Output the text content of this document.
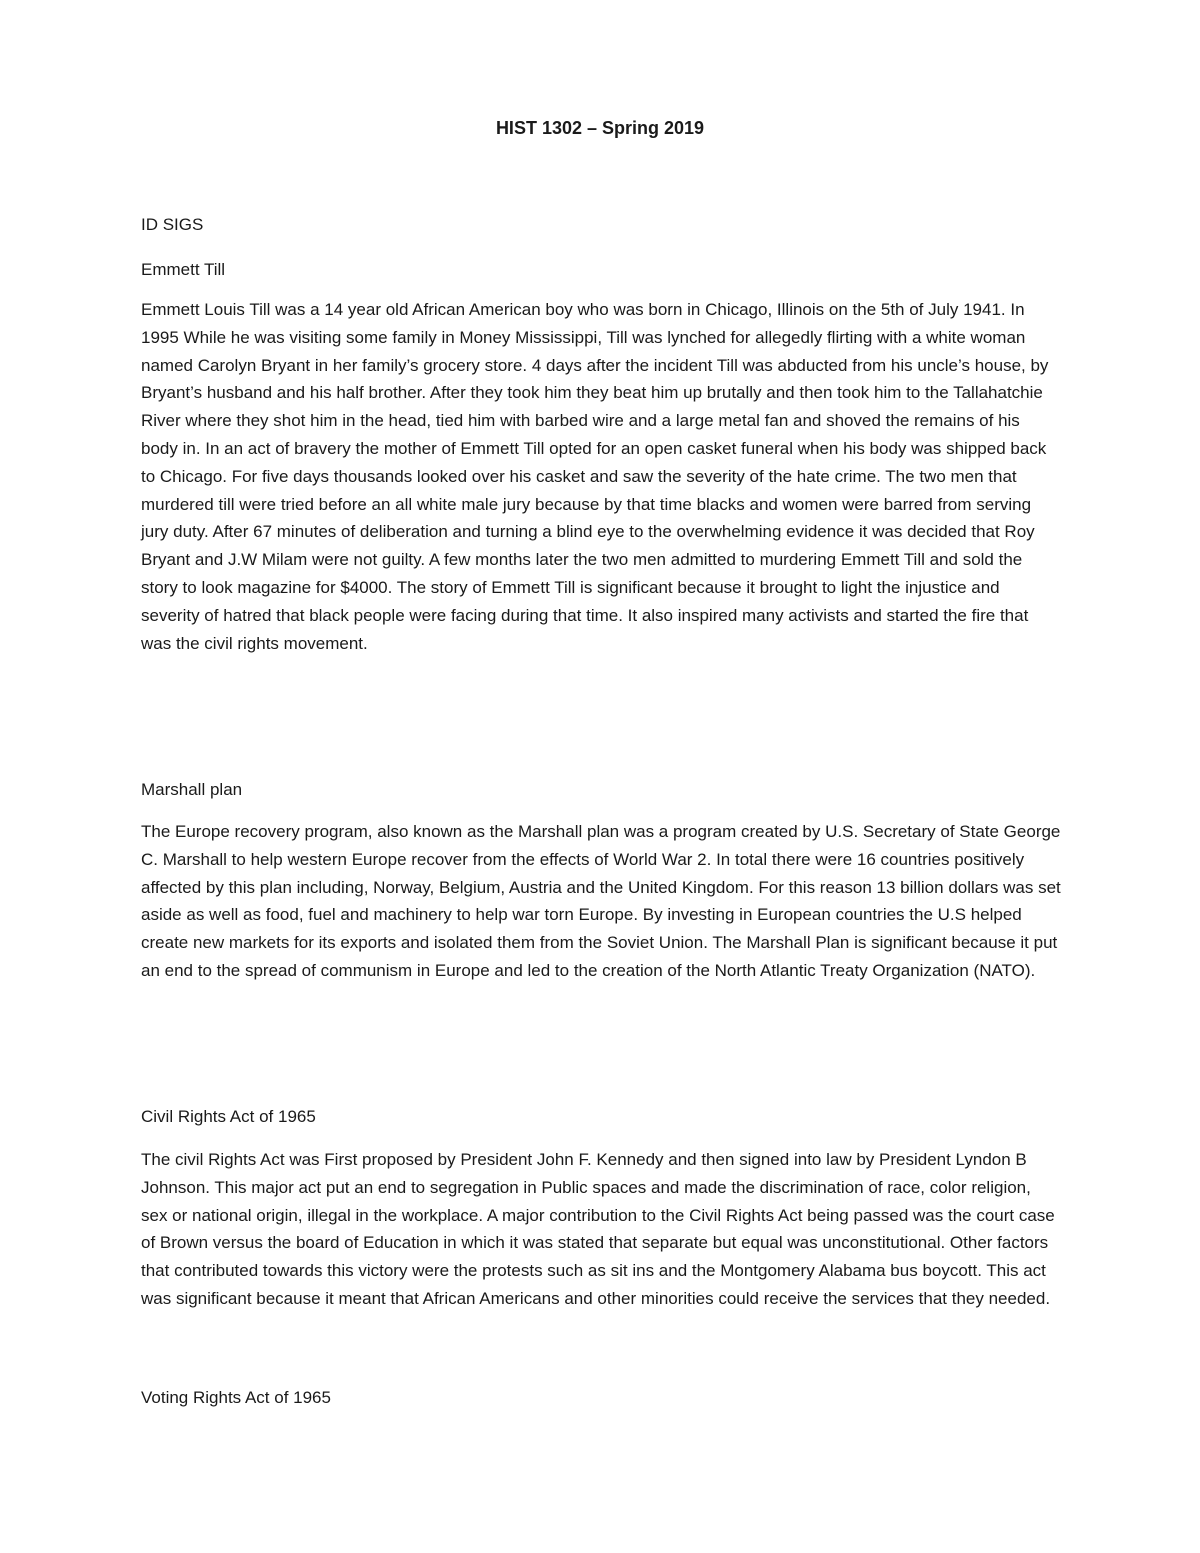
HIST 1302 – Spring 2019

ID SIGS

Emmett Till

Emmett Louis Till was a 14 year old African American boy who was born in Chicago, Illinois on the 5th of July 1941. In 1995 While he was visiting some family in Money Mississippi, Till was lynched for allegedly flirting with a white woman named Carolyn Bryant in her family’s grocery store. 4 days after the incident Till was abducted from his uncle’s house, by Bryant’s husband and his half brother. After they took him they beat him up brutally and then took him to the Tallahatchie River where they shot him in the head, tied him with barbed wire and a large metal fan and shoved the remains of his body in. In an act of bravery the mother of Emmett Till opted for an open casket funeral when his body was shipped back to Chicago. For five days thousands looked over his casket and saw the severity of the hate crime. The two men that murdered till were tried before an all white male jury because by that time blacks and women were barred from serving jury duty. After 67 minutes of deliberation and turning a blind eye to the overwhelming evidence it was decided that Roy Bryant and J.W Milam were not guilty. A few months later the two men admitted to murdering Emmett Till and sold the story to look magazine for $4000. The story of Emmett Till is significant because it brought to light the injustice and severity of hatred that black people were facing during that time. It also inspired many activists and started the fire that was the civil rights movement.

Marshall plan

The Europe recovery program, also known as the Marshall plan was a program created by U.S. Secretary of State George C. Marshall to help western Europe recover from the effects of World War 2. In total there were 16 countries positively affected by this plan including, Norway, Belgium, Austria and the United Kingdom. For this reason 13 billion dollars was set aside as well as food, fuel and machinery to help war torn Europe. By investing in European countries the U.S helped create new markets for its exports and isolated them from the Soviet Union. The Marshall Plan is significant because it put an end to the spread of communism in Europe and led to the creation of the North Atlantic Treaty Organization (NATO).

Civil Rights Act of 1965

The civil Rights Act was First proposed by President John F. Kennedy and then signed into law by President Lyndon B Johnson. This major act put an end to segregation in Public spaces and made the discrimination of race, color religion, sex or national origin, illegal in the workplace. A major contribution to the Civil Rights Act being passed was the court case of Brown versus the board of Education in which it was stated that separate but equal was unconstitutional. Other factors that contributed towards this victory were the protests such as sit ins and the Montgomery Alabama bus boycott. This act was significant because it meant that African Americans and other minorities could receive the services that they needed.

Voting Rights Act of 1965
